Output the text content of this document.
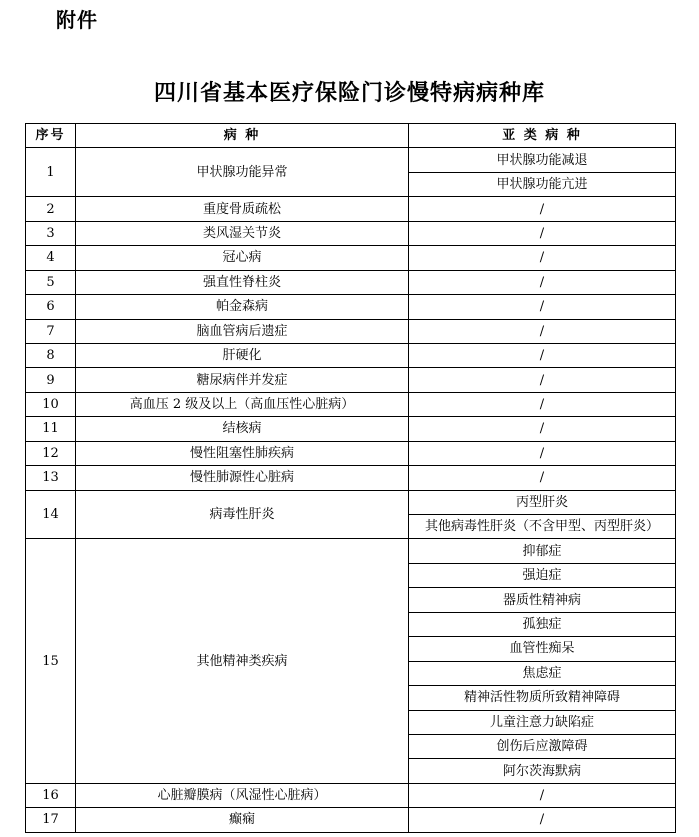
附件
四川省基本医疗保险门诊慢特病病种库
序号	病 种	亚 类 病 种
1	甲状腺功能异常	甲状腺功能减退
		甲状腺功能亢进
2	重度骨质疏松	/
3	类风湿关节炎	/
4	冠心病	/
5	强直性脊柱炎	/
6	帕金森病	/
7	脑血管病后遗症	/
8	肝硬化	/
9	糖尿病伴并发症	/
10	高血压 2 级及以上（高血压性心脏病）	/
11	结核病	/
12	慢性阻塞性肺疾病	/
13	慢性肺源性心脏病	/
14	病毒性肝炎	丙型肝炎
		其他病毒性肝炎（不含甲型、丙型肝炎）
15	其他精神类疾病	抑郁症
		强迫症
		器质性精神病
		孤独症
		血管性痴呆
		焦虑症
		精神活性物质所致精神障碍
		儿童注意力缺陷症
		创伤后应激障碍
		阿尔茨海默病
16	心脏瓣膜病（风湿性心脏病）	/
17	癫痫	/
